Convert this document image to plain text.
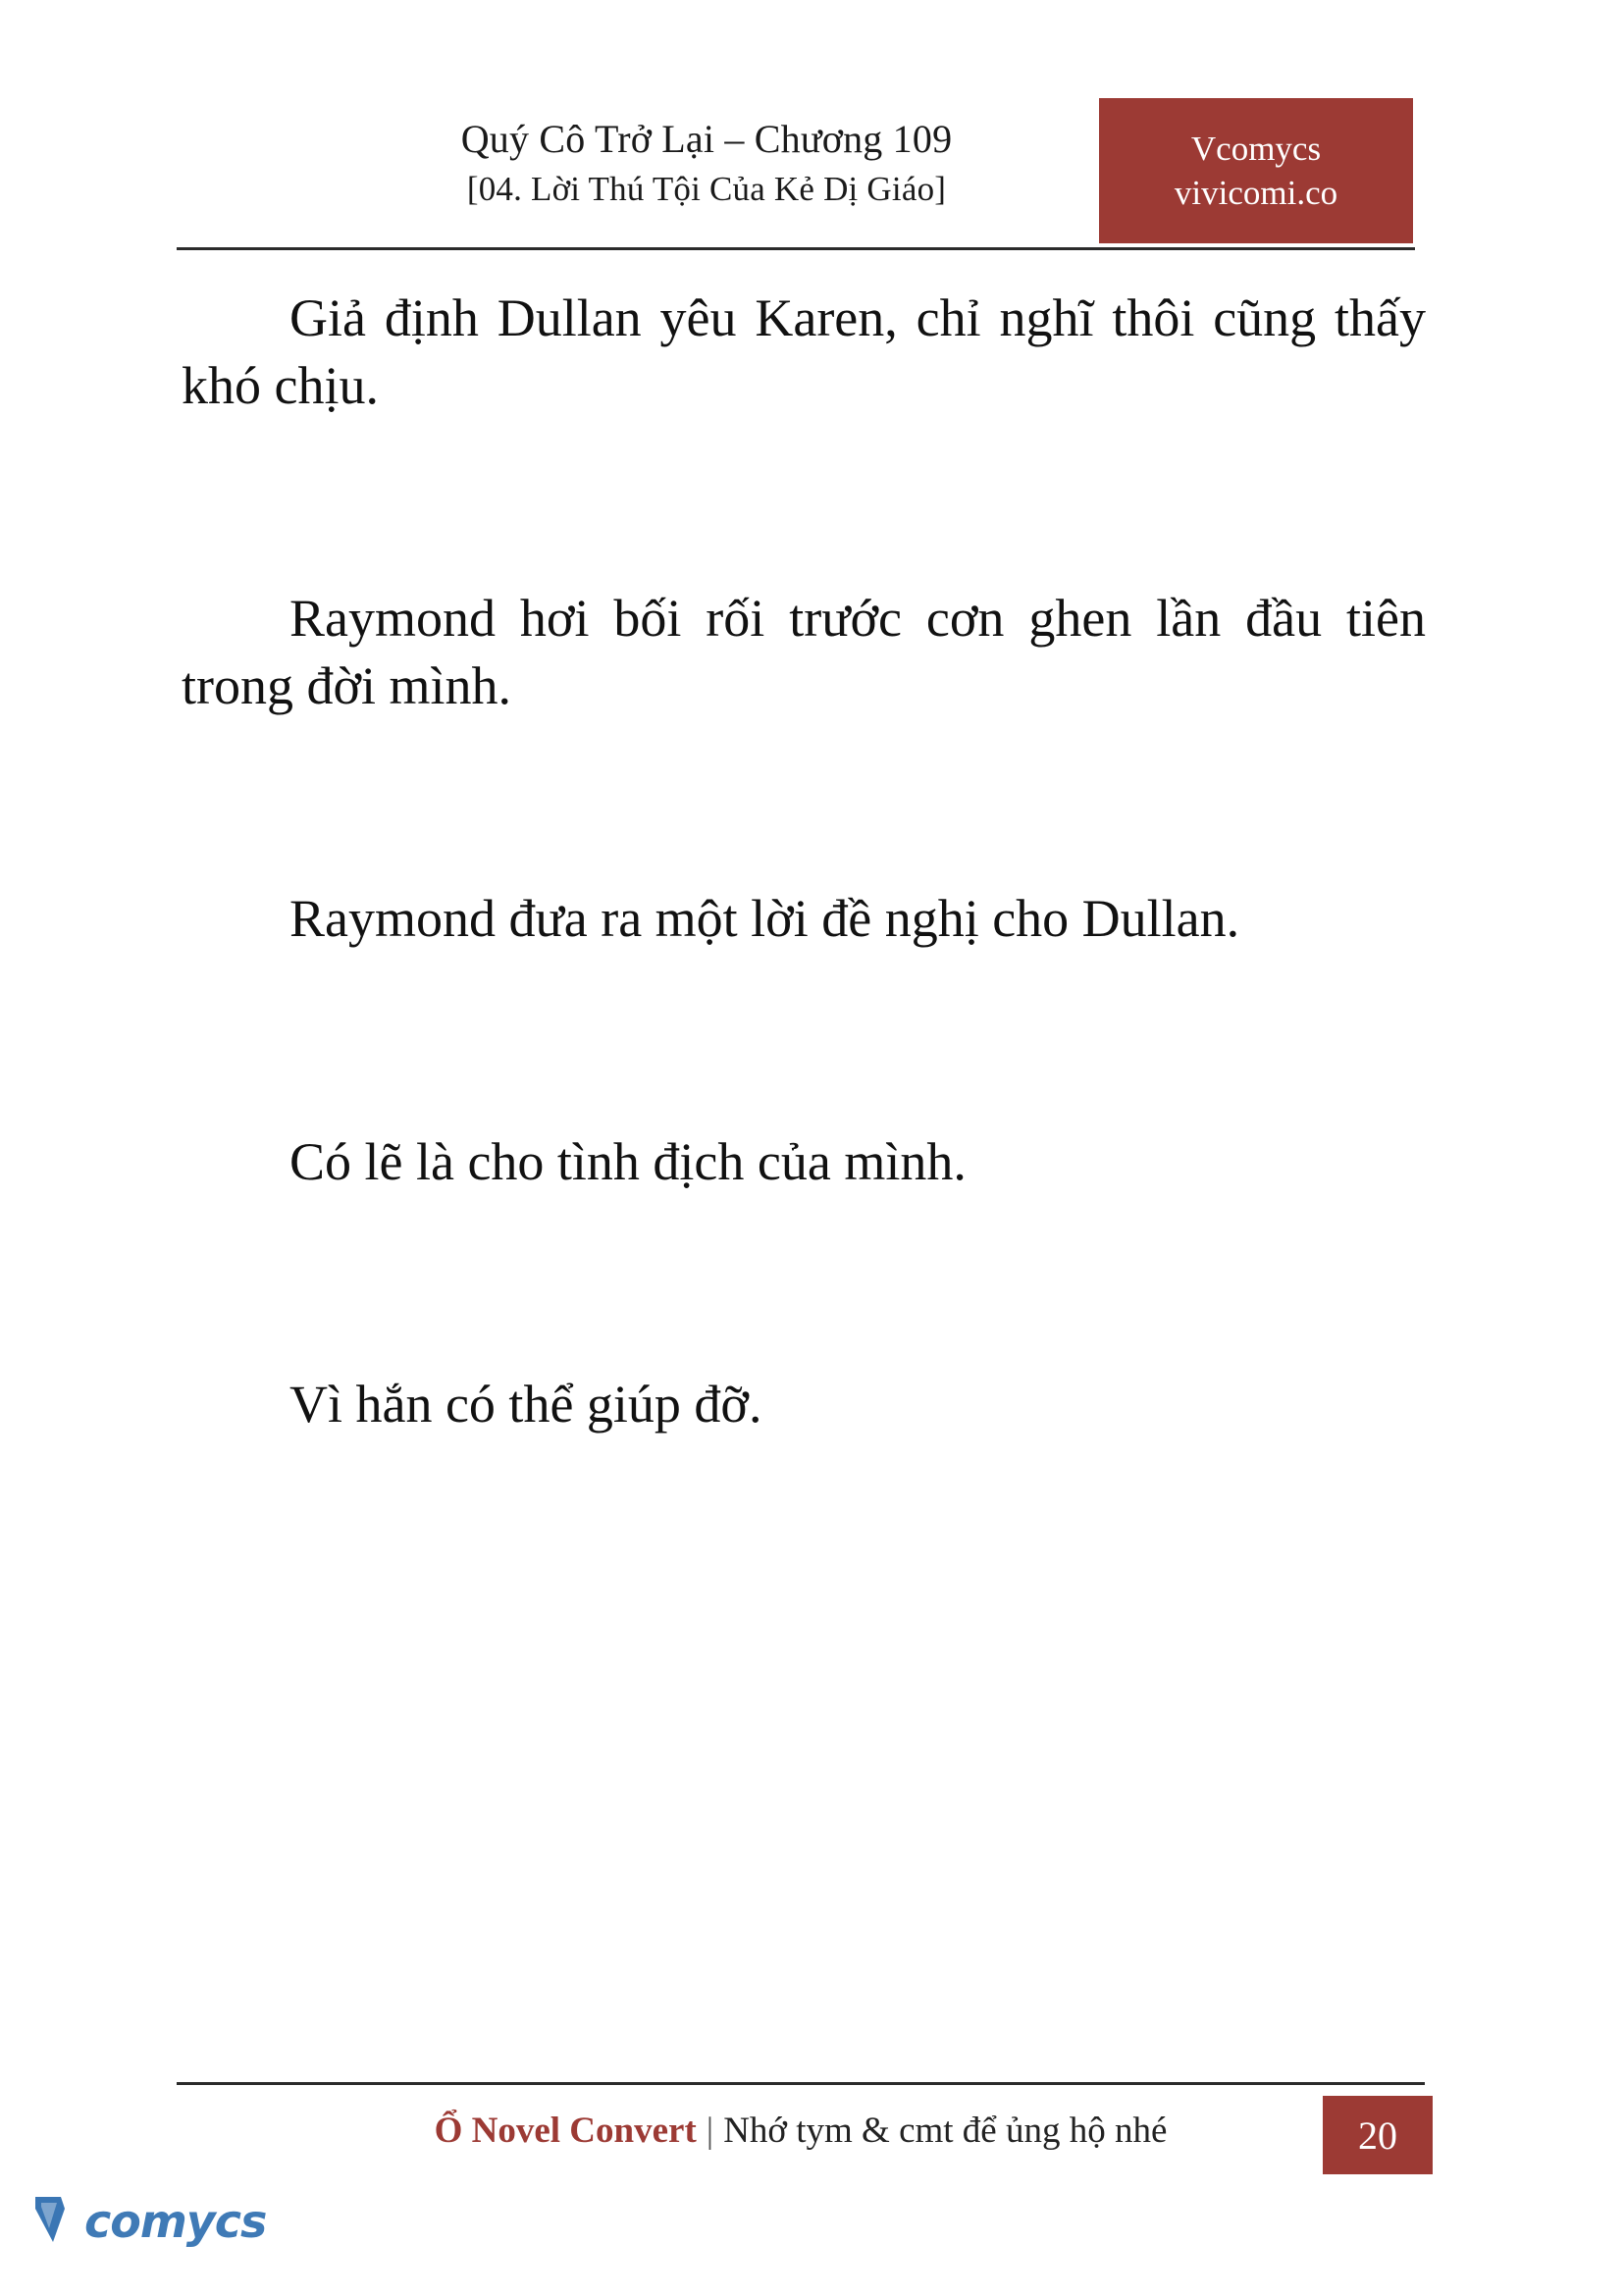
Quý Cô Trở Lại – Chương 109
[04. Lời Thú Tội Của Kẻ Dị Giáo]
Vcomycs
vivicomi.co

Giả định Dullan yêu Karen, chỉ nghĩ thôi cũng thấy khó chịu.

Raymond hơi bối rối trước cơn ghen lần đầu tiên trong đời mình.

Raymond đưa ra một lời đề nghị cho Dullan.

Có lẽ là cho tình địch của mình.

Vì hắn có thể giúp đỡ.

Ổ Novel Convert | Nhớ tym & cmt để ủng hộ nhé	20
comycs
